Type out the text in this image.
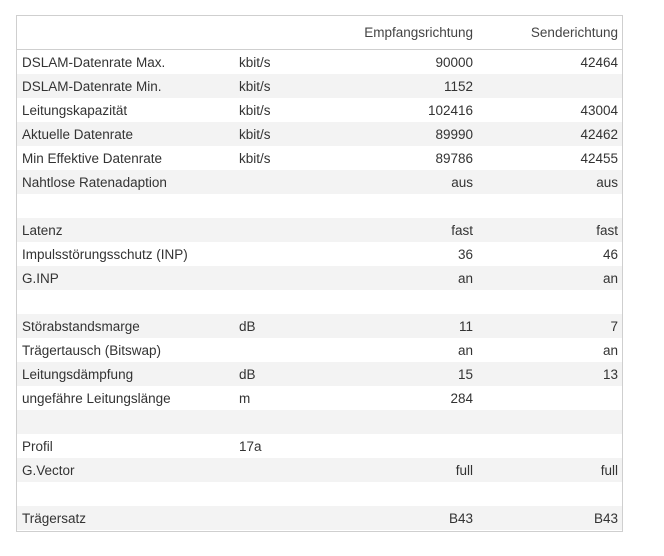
		Empfangsrichtung	Senderichtung
DSLAM-Datenrate Max.	kbit/s	90000	42464
DSLAM-Datenrate Min.	kbit/s	1152	
Leitungskapazität	kbit/s	102416	43004
Aktuelle Datenrate	kbit/s	89990	42462
Min Effektive Datenrate	kbit/s	89786	42455
Nahtlose Ratenadaption		aus	aus

Latenz		fast	fast
Impulsstörungsschutz (INP)		36	46
G.INP		an	an

Störabstandsmarge	dB	11	7
Trägertausch (Bitswap)		an	an
Leitungsdämpfung	dB	15	13
ungefähre Leitungslänge	m	284	

Profil	17a		
G.Vector		full	full

Trägersatz		B43	B43
